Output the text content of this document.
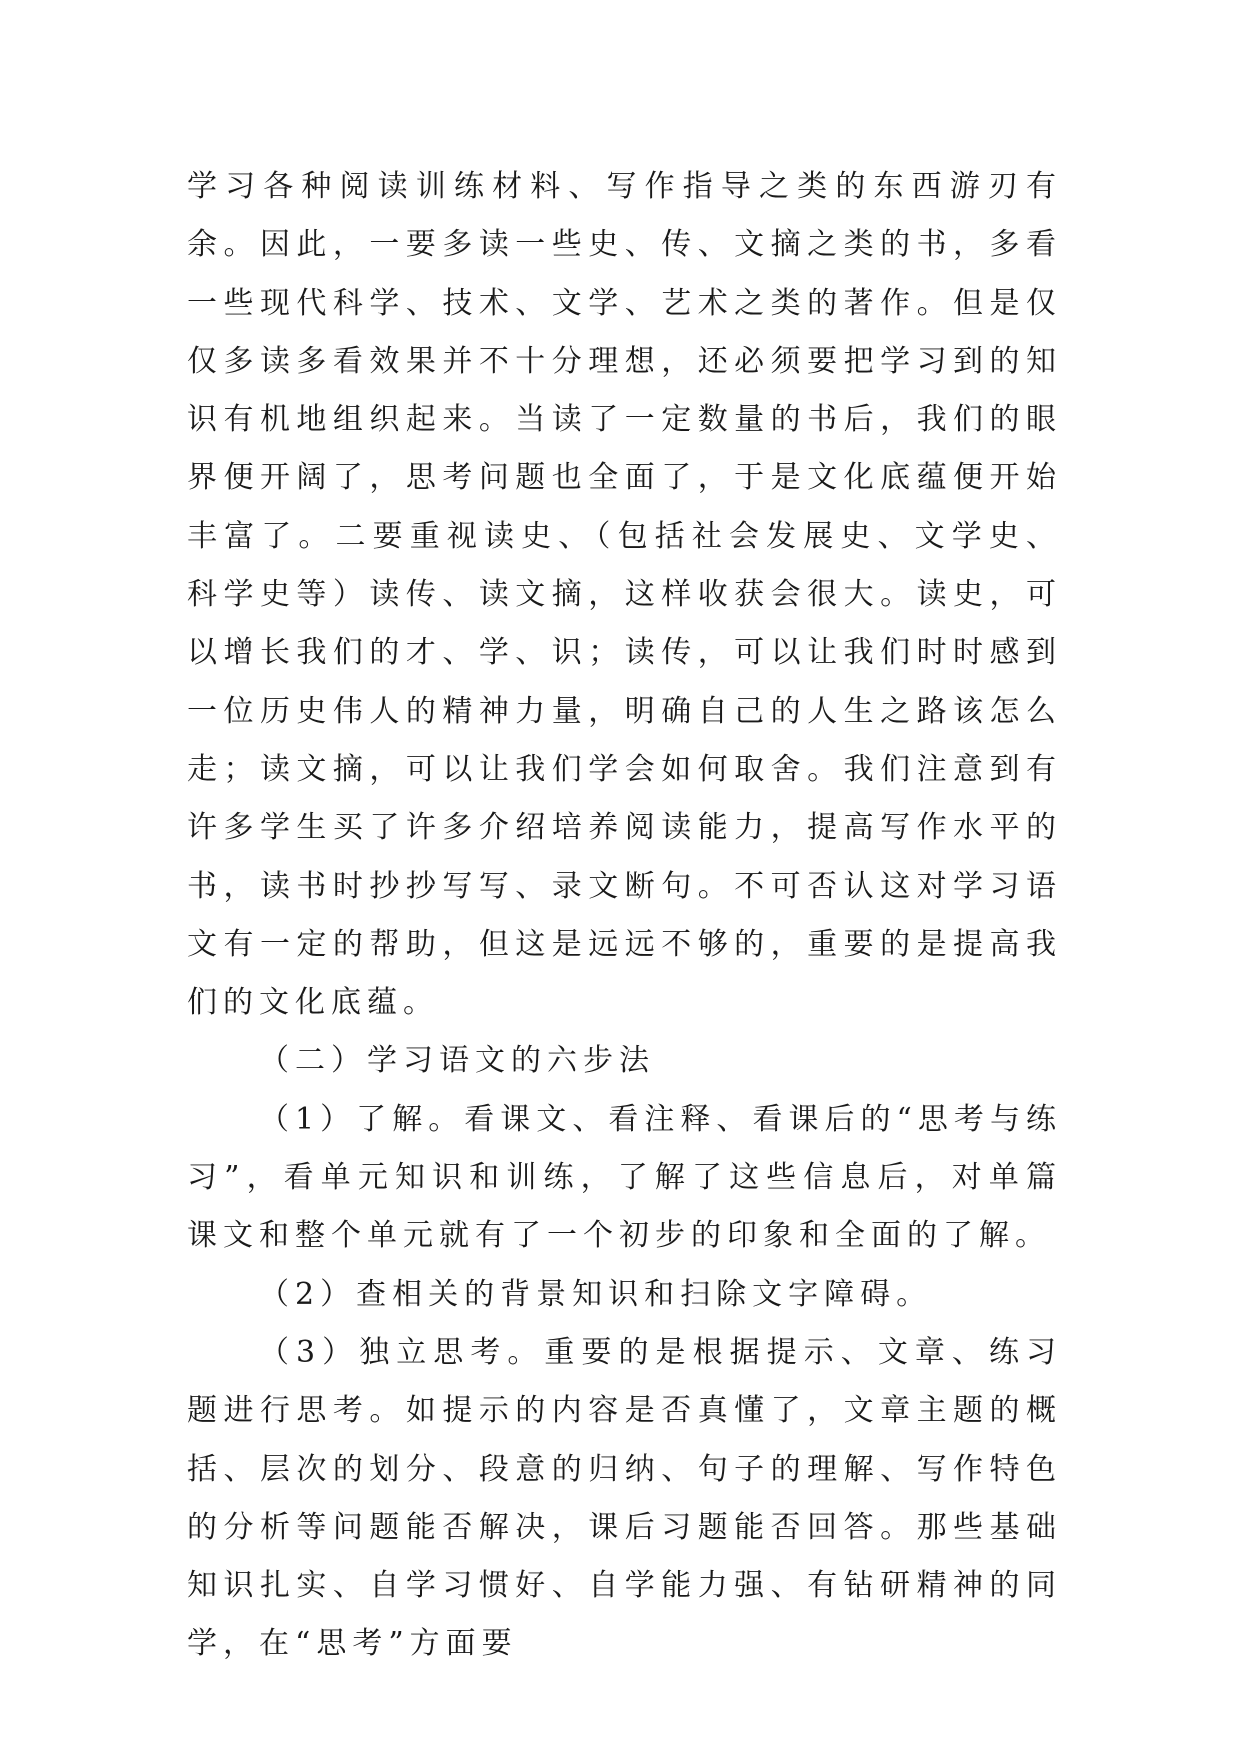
学习各种阅读训练材料、写作指导之类的东西游刃有余。因此，一要多读一些史、传、文摘之类的书，多看一些现代科学、技术、文学、艺术之类的著作。但是仅仅多读多看效果并不十分理想，还必须要把学习到的知识有机地组织起来。当读了一定数量的书后，我们的眼界便开阔了，思考问题也全面了，于是文化底蕴便开始丰富了。二要重视读史、（包括社会发展史、文学史、科学史等）读传、读文摘，这样收获会很大。读史，可以增长我们的才、学、识；读传，可以让我们时时感到一位历史伟人的精神力量，明确自己的人生之路该怎么走；读文摘，可以让我们学会如何取舍。我们注意到有许多学生买了许多介绍培养阅读能力，提高写作水平的书，读书时抄抄写写、录文断句。不可否认这对学习语文有一定的帮助，但这是远远不够的，重要的是提高我们的文化底蕴。

（二）学习语文的六步法

（1）了解。看课文、看注释、看课后的“思考与练习”，看单元知识和训练，了解了这些信息后，对单篇课文和整个单元就有了一个初步的印象和全面的了解。

（2）查相关的背景知识和扫除文字障碍。

（3）独立思考。重要的是根据提示、文章、练习题进行思考。如提示的内容是否真懂了，文章主题的概括、层次的划分、段意的归纳、句子的理解、写作特色的分析等问题能否解决，课后习题能否回答。那些基础知识扎实、自学习惯好、自学能力强、有钻研精神的同学，在“思考”方面要
